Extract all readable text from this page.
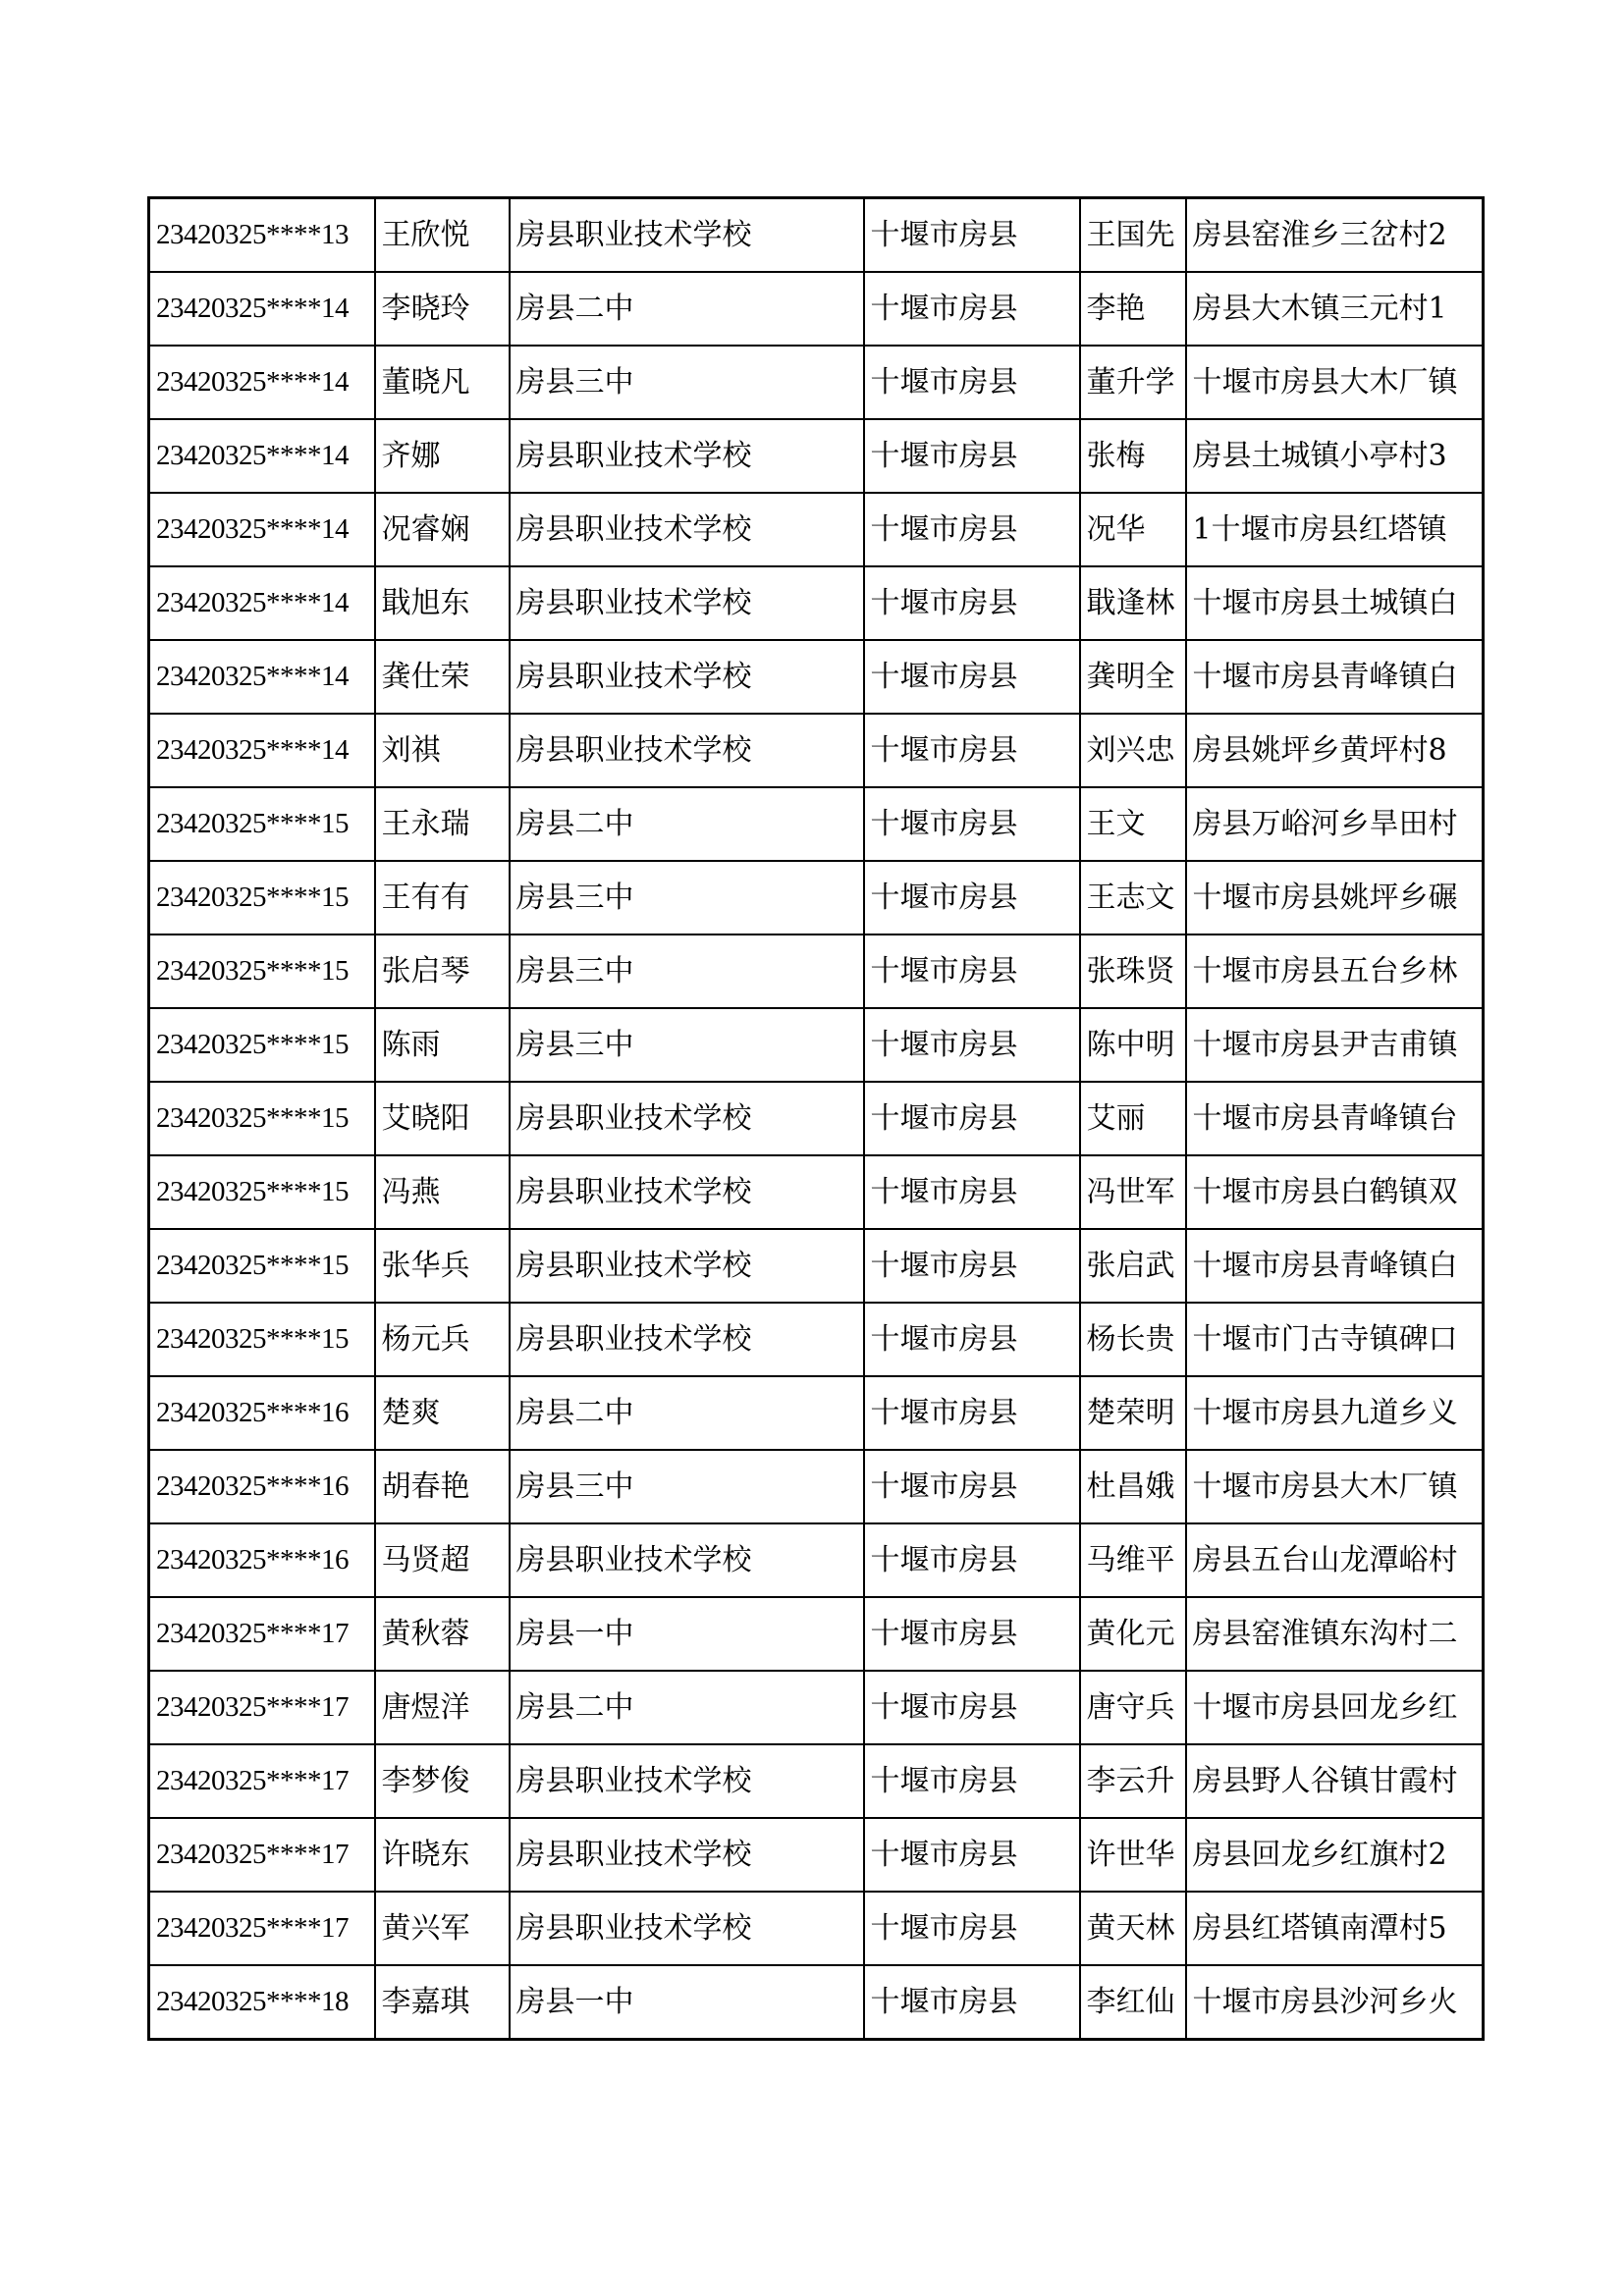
23420325****13	王欣悦	房县职业技术学校	十堰市房县	王国先	房县窑淮乡三岔村2
23420325****14	李晓玲	房县二中	十堰市房县	李艳	房县大木镇三元村1
23420325****14	董晓凡	房县三中	十堰市房县	董升学	十堰市房县大木厂镇
23420325****14	齐娜	房县职业技术学校	十堰市房县	张梅	房县土城镇小亭村3
23420325****14	况睿娴	房县职业技术学校	十堰市房县	况华	1十堰市房县红塔镇
23420325****14	戢旭东	房县职业技术学校	十堰市房县	戢逢林	十堰市房县土城镇白
23420325****14	龚仕荣	房县职业技术学校	十堰市房县	龚明全	十堰市房县青峰镇白
23420325****14	刘祺	房县职业技术学校	十堰市房县	刘兴忠	房县姚坪乡黄坪村8
23420325****15	王永瑞	房县二中	十堰市房县	王文	房县万峪河乡旱田村
23420325****15	王有有	房县三中	十堰市房县	王志文	十堰市房县姚坪乡碾
23420325****15	张启琴	房县三中	十堰市房县	张珠贤	十堰市房县五台乡林
23420325****15	陈雨	房县三中	十堰市房县	陈中明	十堰市房县尹吉甫镇
23420325****15	艾晓阳	房县职业技术学校	十堰市房县	艾丽	十堰市房县青峰镇台
23420325****15	冯燕	房县职业技术学校	十堰市房县	冯世军	十堰市房县白鹤镇双
23420325****15	张华兵	房县职业技术学校	十堰市房县	张启武	十堰市房县青峰镇白
23420325****15	杨元兵	房县职业技术学校	十堰市房县	杨长贵	十堰市门古寺镇碑口
23420325****16	楚爽	房县二中	十堰市房县	楚荣明	十堰市房县九道乡义
23420325****16	胡春艳	房县三中	十堰市房县	杜昌娥	十堰市房县大木厂镇
23420325****16	马贤超	房县职业技术学校	十堰市房县	马维平	房县五台山龙潭峪村
23420325****17	黄秋蓉	房县一中	十堰市房县	黄化元	房县窑淮镇东沟村二
23420325****17	唐煜洋	房县二中	十堰市房县	唐守兵	十堰市房县回龙乡红
23420325****17	李梦俊	房县职业技术学校	十堰市房县	李云升	房县野人谷镇甘霞村
23420325****17	许晓东	房县职业技术学校	十堰市房县	许世华	房县回龙乡红旗村2
23420325****17	黄兴军	房县职业技术学校	十堰市房县	黄天林	房县红塔镇南潭村5
23420325****18	李嘉琪	房县一中	十堰市房县	李红仙	十堰市房县沙河乡火
